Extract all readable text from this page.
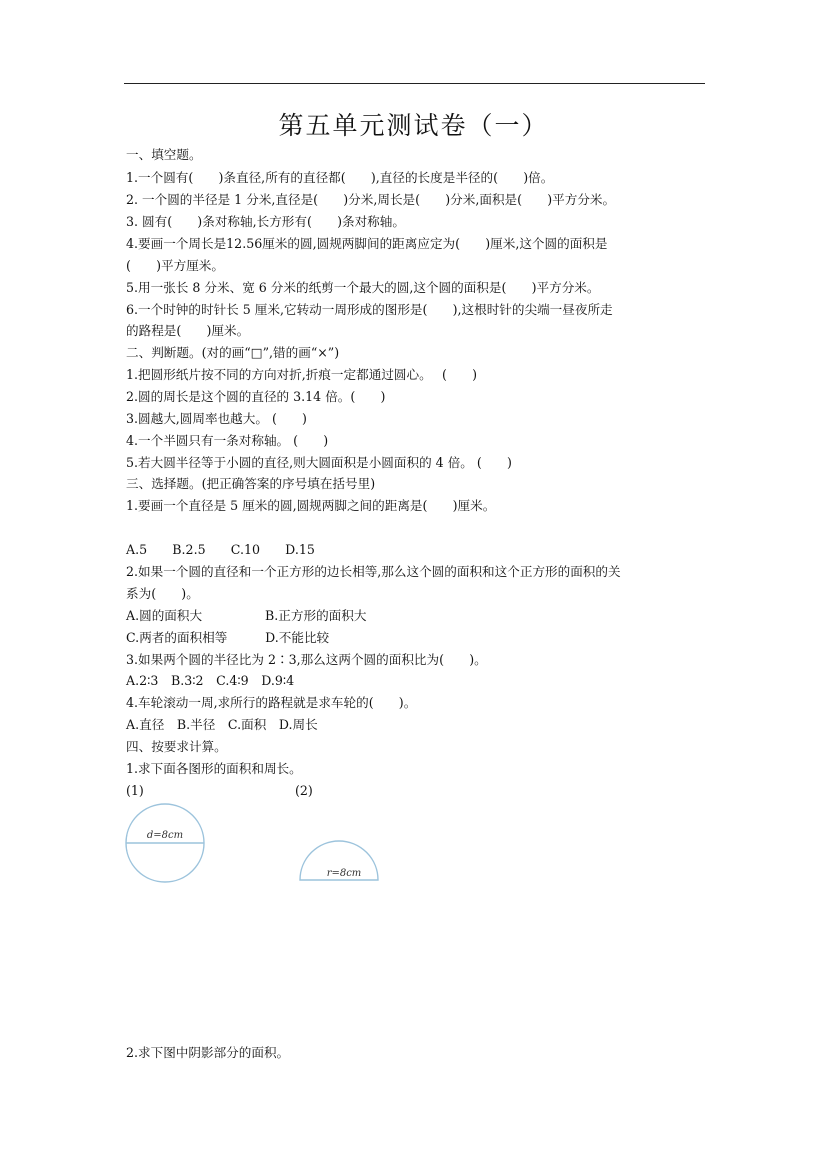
第五单元测试卷（一）
一、填空题。
1.一个圆有(　　)条直径,所有的直径都(　　),直径的长度是半径的(　　)倍。
2. 一个圆的半径是 1 分米,直径是(　　)分米,周长是(　　)分米,面积是(　　)平方分米。
3. 圆有(　　)条对称轴,长方形有(　　)条对称轴。
4.要画一个周长是12.56厘米的圆,圆规两脚间的距离应定为(　　)厘米,这个圆的面积是
(　　)平方厘米。
5.用一张长 8 分米、宽 6 分米的纸剪一个最大的圆,这个圆的面积是(　　)平方分米。
6.一个时钟的时针长 5 厘米,它转动一周形成的图形是(　　),这根时针的尖端一昼夜所走
的路程是(　　)厘米。
二、判断题。(对的画“□”,错的画“×”)
1.把圆形纸片按不同的方向对折,折痕一定都通过圆心。　 (　　)
2.圆的周长是这个圆的直径的 3.14 倍。(　　)
3.圆越大,圆周率也越大。 (　　)
4.一个半圆只有一条对称轴。 (　　)
5.若大圆半径等于小圆的直径,则大圆面积是小圆面积的 4 倍。 (　　)
三、选择题。(把正确答案的序号填在括号里)
1.要画一个直径是 5 厘米的圆,圆规两脚之间的距离是(　　)厘米。
A.5　　B.2.5　　C.10　　D.15
2.如果一个圆的直径和一个正方形的边长相等,那么这个圆的面积和这个正方形的面积的关
系为(　　)。
A.圆的面积大　　　　　B.正方形的面积大
C.两者的面积相等　　　D.不能比较
3.如果两个圆的半径比为 2∶3,那么这两个圆的面积比为(　　)。
A.2∶3　B.3∶2　C.4∶9　D.9∶4
4.车轮滚动一周,求所行的路程就是求车轮的(　　)。
A.直径　B.半径　C.面积　D.周长
四、按要求计算。
1.求下面各图形的面积和周长。
(1)	(2)
d=8cm
r=8cm
2.求下图中阴影部分的面积。
